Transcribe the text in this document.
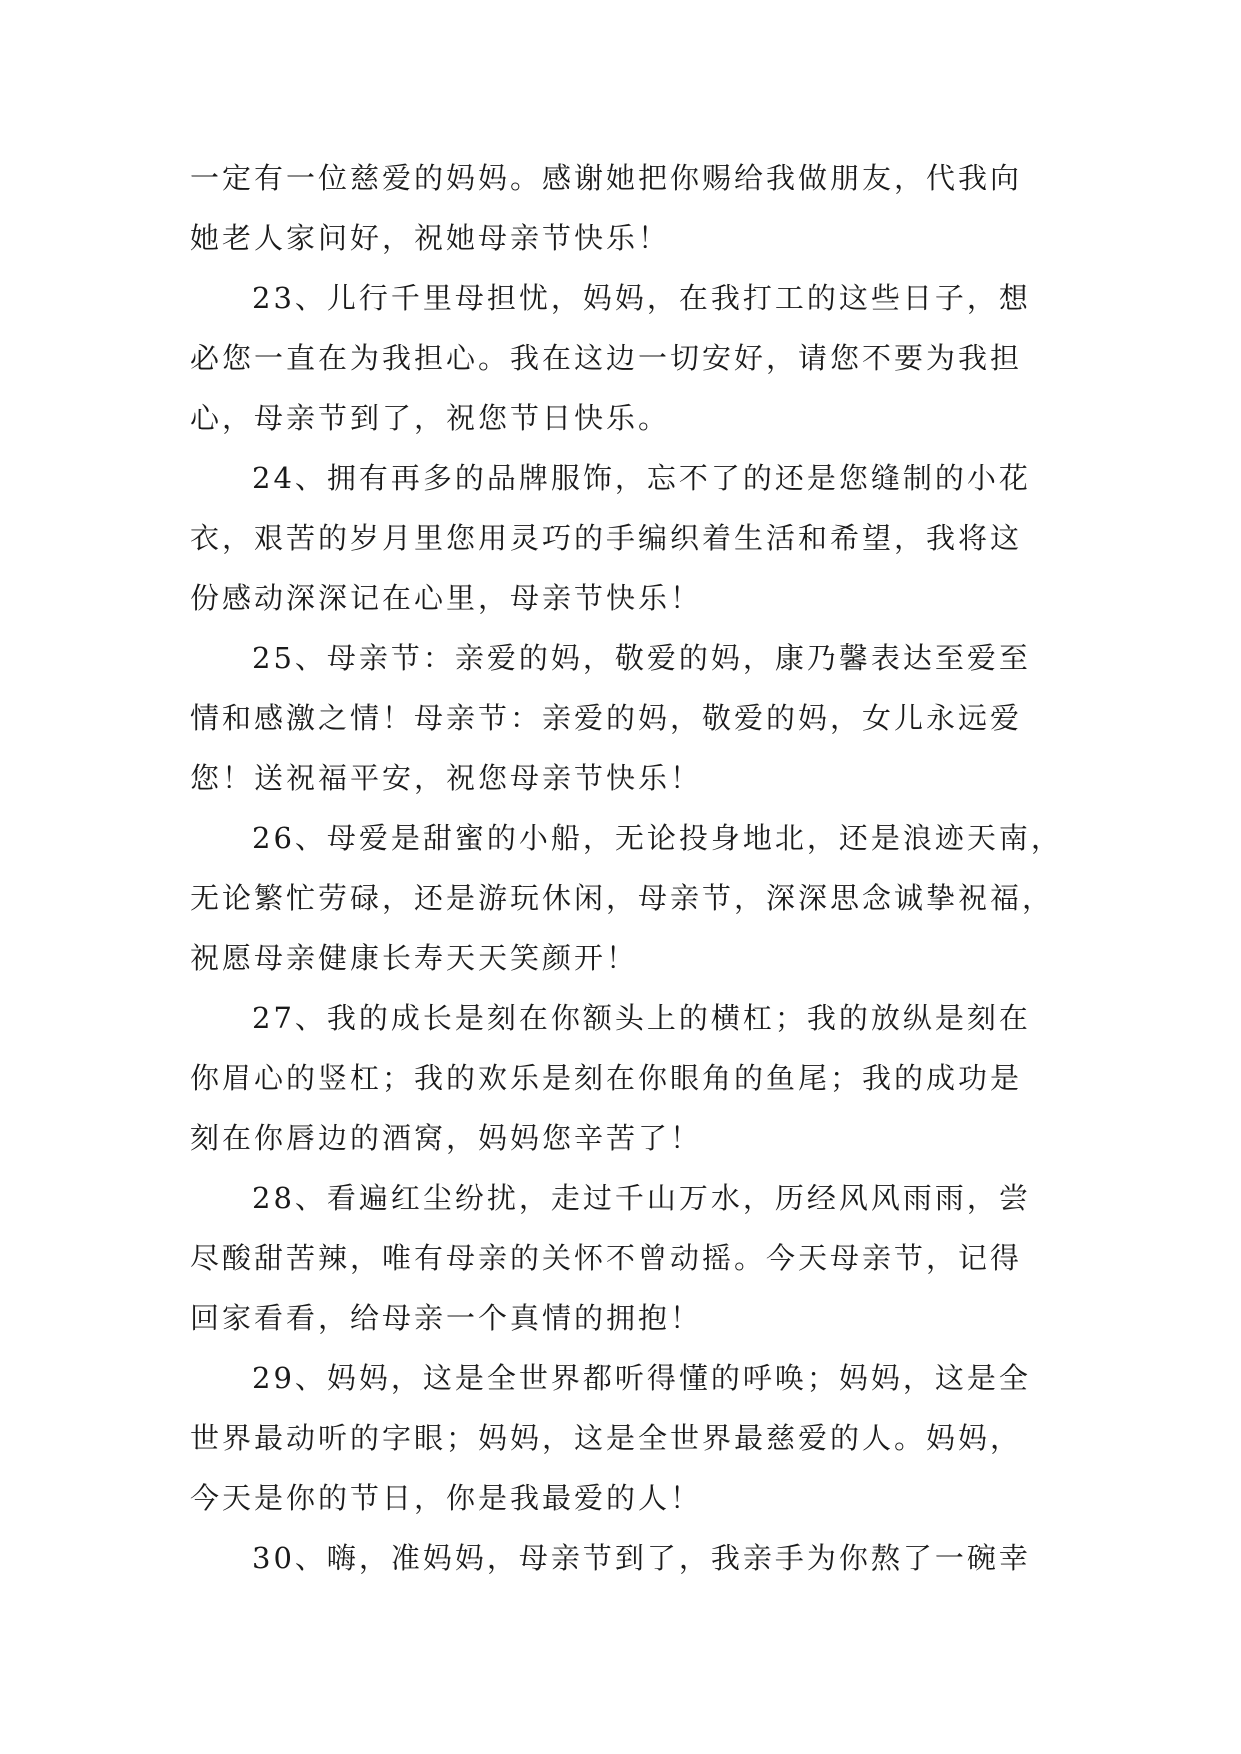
一定有一位慈爱的妈妈。感谢她把你赐给我做朋友，代我向
她老人家问好，祝她母亲节快乐！
23、儿行千里母担忧，妈妈，在我打工的这些日子，想
必您一直在为我担心。我在这边一切安好，请您不要为我担
心，母亲节到了，祝您节日快乐。
24、拥有再多的品牌服饰，忘不了的还是您缝制的小花
衣，艰苦的岁月里您用灵巧的手编织着生活和希望，我将这
份感动深深记在心里，母亲节快乐！
25、母亲节：亲爱的妈，敬爱的妈，康乃馨表达至爱至
情和感激之情！母亲节：亲爱的妈，敬爱的妈，女儿永远爱
您！送祝福平安，祝您母亲节快乐！
26、母爱是甜蜜的小船，无论投身地北，还是浪迹天南，
无论繁忙劳碌，还是游玩休闲，母亲节，深深思念诚挚祝福，
祝愿母亲健康长寿天天笑颜开！
27、我的成长是刻在你额头上的横杠；我的放纵是刻在
你眉心的竖杠；我的欢乐是刻在你眼角的鱼尾；我的成功是
刻在你唇边的酒窝，妈妈您辛苦了！
28、看遍红尘纷扰，走过千山万水，历经风风雨雨，尝
尽酸甜苦辣，唯有母亲的关怀不曾动摇。今天母亲节，记得
回家看看，给母亲一个真情的拥抱！
29、妈妈，这是全世界都听得懂的呼唤；妈妈，这是全
世界最动听的字眼；妈妈，这是全世界最慈爱的人。妈妈，
今天是你的节日，你是我最爱的人！
30、嗨，准妈妈，母亲节到了，我亲手为你熬了一碗幸
